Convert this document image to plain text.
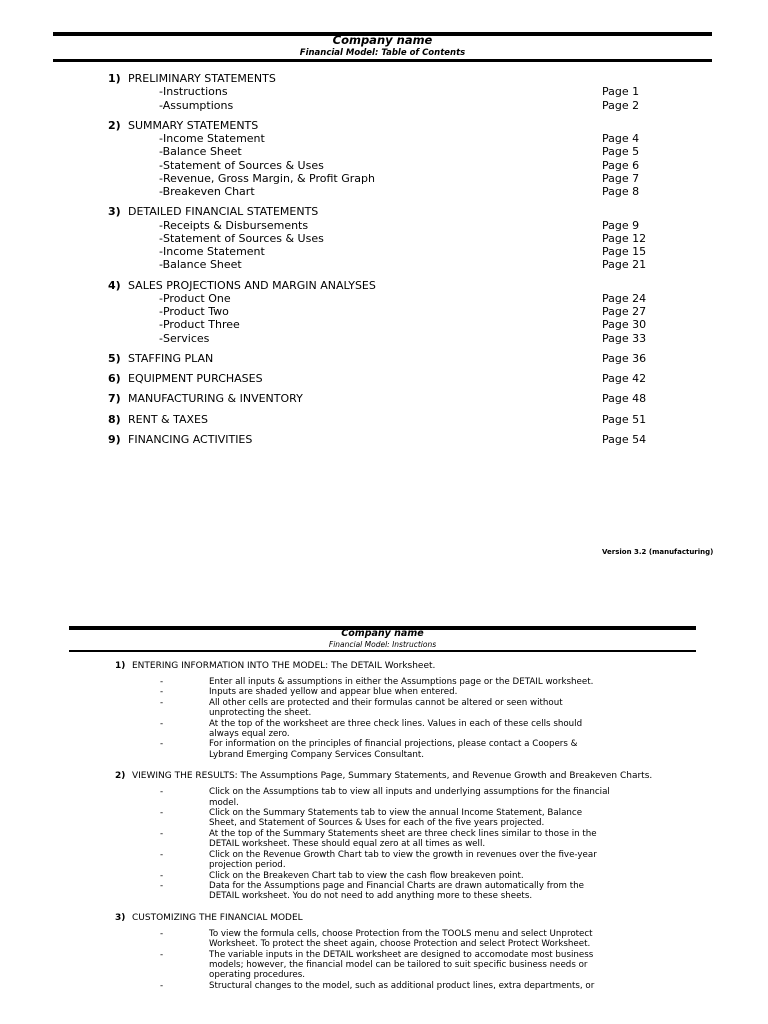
Company name
Financial Model: Table of Contents
1) PRELIMINARY STATEMENTS
-Instructions	Page 1
-Assumptions	Page 2
2) SUMMARY STATEMENTS
-Income Statement	Page 4
-Balance Sheet	Page 5
-Statement of Sources & Uses	Page 6
-Revenue, Gross Margin, & Profit Graph	Page 7
-Breakeven Chart	Page 8
3) DETAILED FINANCIAL STATEMENTS
-Receipts & Disbursements	Page 9
-Statement of Sources & Uses	Page 12
-Income Statement	Page 15
-Balance Sheet	Page 21
4) SALES PROJECTIONS AND MARGIN ANALYSES
-Product One	Page 24
-Product Two	Page 27
-Product Three	Page 30
-Services	Page 33
5) STAFFING PLAN	Page 36
6) EQUIPMENT PURCHASES	Page 42
7) MANUFACTURING & INVENTORY	Page 48
8) RENT & TAXES	Page 51
9) FINANCING ACTIVITIES	Page 54
Version 3.2 (manufacturing)
Company name
Financial Model: Instructions
1) ENTERING INFORMATION INTO THE MODEL: The DETAIL Worksheet.
-	Enter all inputs & assumptions in either the Assumptions page or the DETAIL worksheet.
-	Inputs are shaded yellow and appear blue when entered.
-	All other cells are protected and their formulas cannot be altered or seen without unprotecting the sheet.
-	At the top of the worksheet are three check lines. Values in each of these cells should always equal zero.
-	For information on the principles of financial projections, please contact a Coopers & Lybrand Emerging Company Services Consultant.
2) VIEWING THE RESULTS: The Assumptions Page, Summary Statements, and Revenue Growth and Breakeven Charts.
-	Click on the Assumptions tab to view all inputs and underlying assumptions for the financial model.
-	Click on the Summary Statements tab to view the annual Income Statement, Balance Sheet, and Statement of Sources & Uses for each of the five years projected.
-	At the top of the Summary Statements sheet are three check lines similar to those in the DETAIL worksheet. These should equal zero at all times as well.
-	Click on the Revenue Growth Chart tab to view the growth in revenues over the five-year projection period.
-	Click on the Breakeven Chart tab to view the cash flow breakeven point.
-	Data for the Assumptions page and Financial Charts are drawn automatically from the DETAIL worksheet. You do not need to add anything more to these sheets.
3) CUSTOMIZING THE FINANCIAL MODEL
-	To view the formula cells, choose Protection from the TOOLS menu and select Unprotect Worksheet. To protect the sheet again, choose Protection and select Protect Worksheet.
-	The variable inputs in the DETAIL worksheet are designed to accomodate most business models; however, the financial model can be tailored to suit specific business needs or operating procedures.
-	Structural changes to the model, such as additional product lines, extra departments, or
